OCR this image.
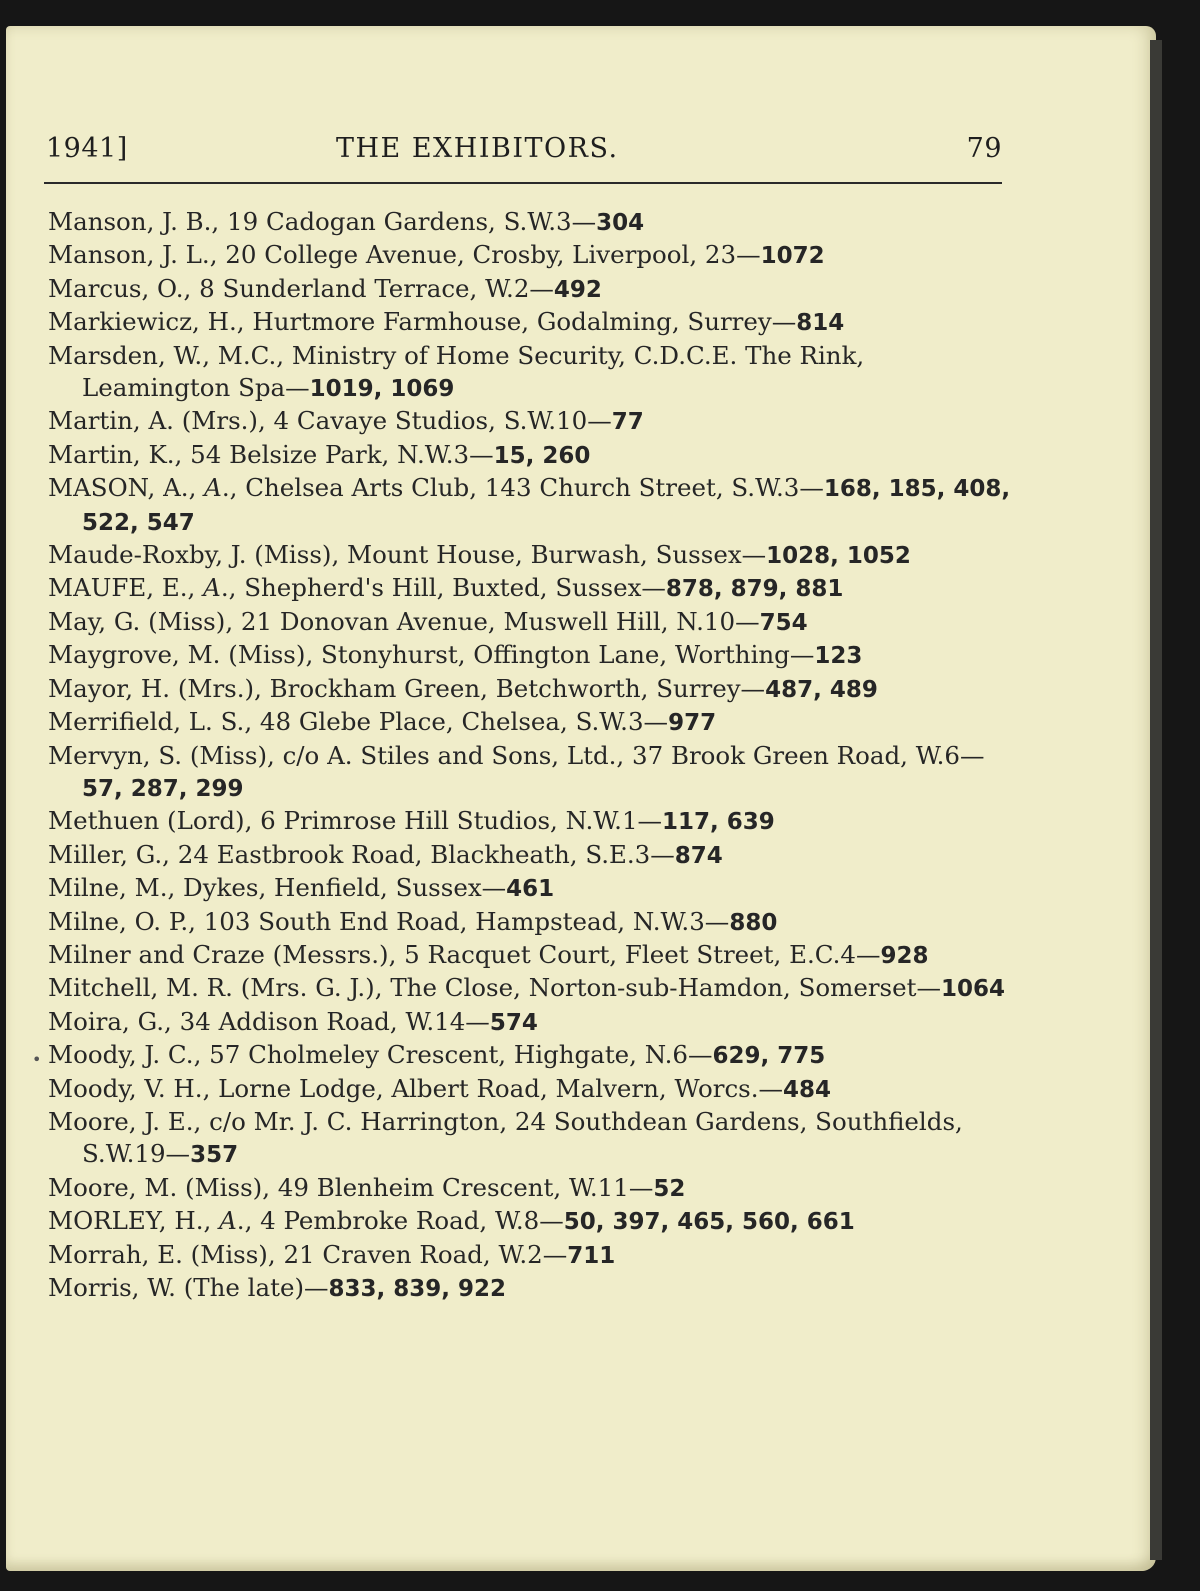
1941]	THE EXHIBITORS.	79
•
Manson, J. B., 19 Cadogan Gardens, S.W.3—304
Manson, J. L., 20 College Avenue, Crosby, Liverpool, 23—1072
Marcus, O., 8 Sunderland Terrace, W.2—492
Markiewicz, H., Hurtmore Farmhouse, Godalming, Surrey—814
Marsden, W., M.C., Ministry of Home Security, C.D.C.E. The Rink, Leamington Spa—1019, 1069
Martin, A. (Mrs.), 4 Cavaye Studios, S.W.10—77
Martin, K., 54 Belsize Park, N.W.3—15, 260
MASON, A., A., Chelsea Arts Club, 143 Church Street, S.W.3—168, 185, 408, 522, 547
Maude-Roxby, J. (Miss), Mount House, Burwash, Sussex—1028, 1052
MAUFE, E., A., Shepherd's Hill, Buxted, Sussex—878, 879, 881
May, G. (Miss), 21 Donovan Avenue, Muswell Hill, N.10—754
Maygrove, M. (Miss), Stonyhurst, Offington Lane, Worthing—123
Mayor, H. (Mrs.), Brockham Green, Betchworth, Surrey—487, 489
Merrifield, L. S., 48 Glebe Place, Chelsea, S.W.3—977
Mervyn, S. (Miss), c/o A. Stiles and Sons, Ltd., 37 Brook Green Road, W.6—57, 287, 299
Methuen (Lord), 6 Primrose Hill Studios, N.W.1—117, 639
Miller, G., 24 Eastbrook Road, Blackheath, S.E.3—874
Milne, M., Dykes, Henfield, Sussex—461
Milne, O. P., 103 South End Road, Hampstead, N.W.3—880
Milner and Craze (Messrs.), 5 Racquet Court, Fleet Street, E.C.4—928
Mitchell, M. R. (Mrs. G. J.), The Close, Norton-sub-Hamdon, Somerset—1064
Moira, G., 34 Addison Road, W.14—574
Moody, J. C., 57 Cholmeley Crescent, Highgate, N.6—629, 775
Moody, V. H., Lorne Lodge, Albert Road, Malvern, Worcs.—484
Moore, J. E., c/o Mr. J. C. Harrington, 24 Southdean Gardens, Southfields, S.W.19—357
Moore, M. (Miss), 49 Blenheim Crescent, W.11—52
MORLEY, H., A., 4 Pembroke Road, W.8—50, 397, 465, 560, 661
Morrah, E. (Miss), 21 Craven Road, W.2—711
Morris, W. (The late)—833, 839, 922
